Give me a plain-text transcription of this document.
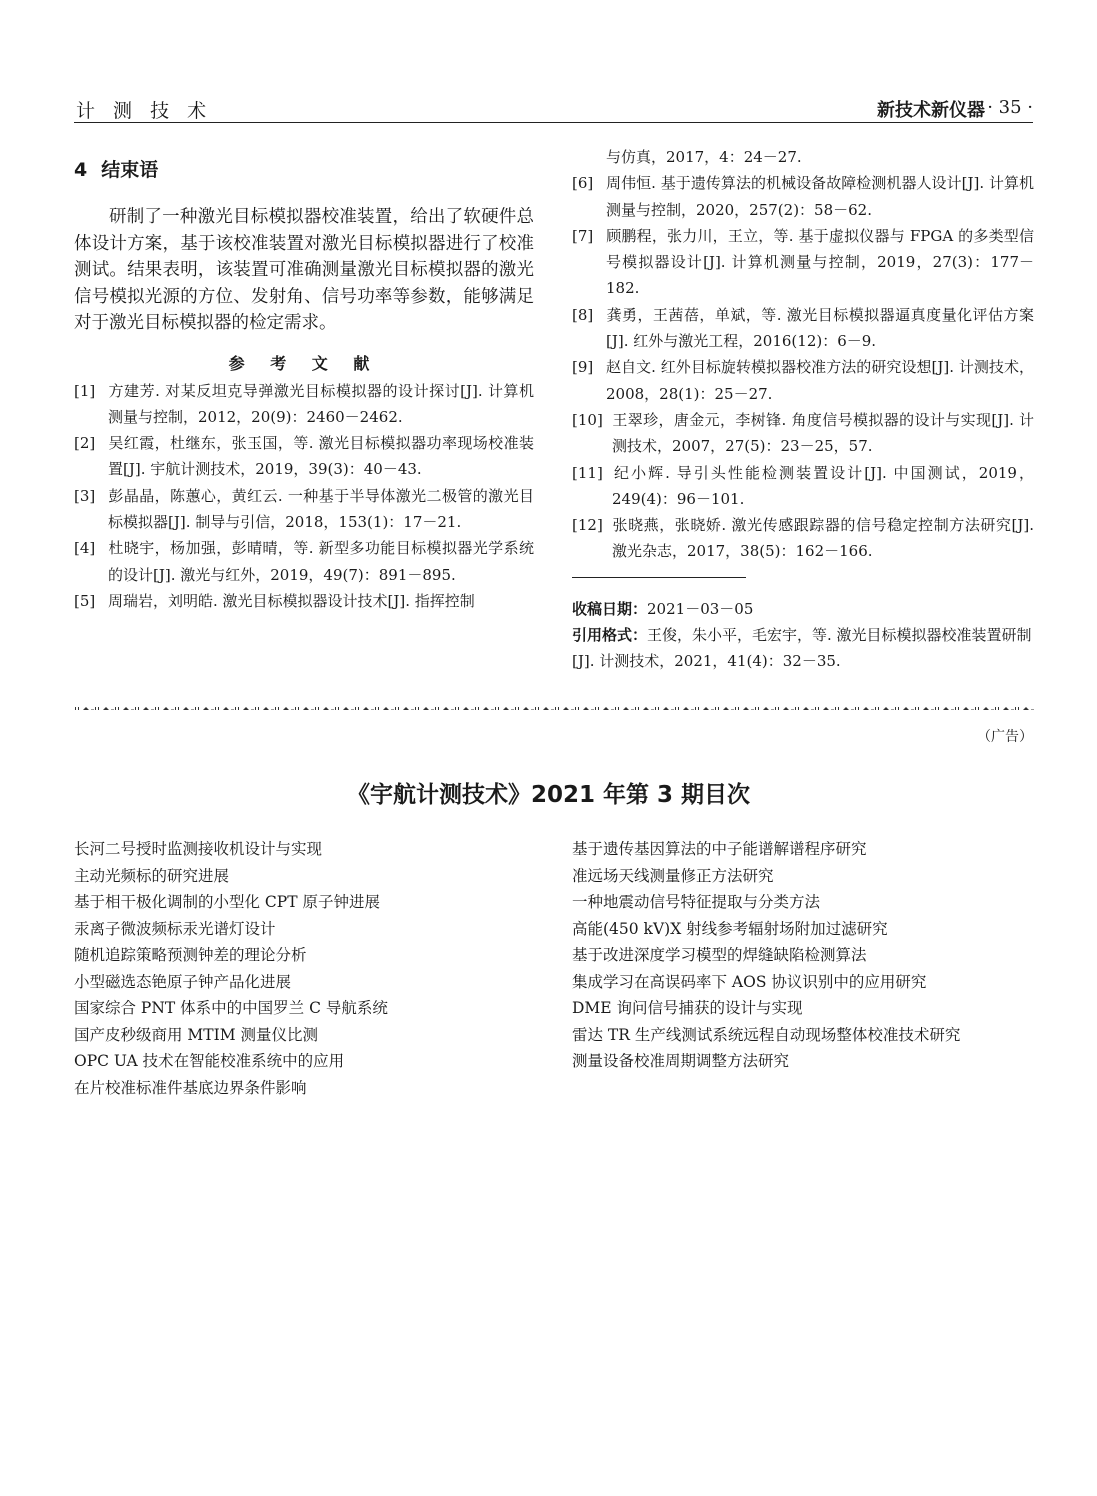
计 测 技 术	新技术新仪器 · 35 ·
4 结束语

研制了一种激光目标模拟器校准装置，给出了软硬件总体设计方案，基于该校准装置对激光目标模拟器进行了校准测试。结果表明，该装置可准确测量激光目标模拟器的激光信号模拟光源的方位、发射角、信号功率等参数，能够满足对于激光目标模拟器的检定需求。

参 考 文 献

[1] 方建芳. 对某反坦克导弹激光目标模拟器的设计探讨[J]. 计算机测量与控制，2012，20(9)：2460－2462.

[2] 吴红霞，杜继东，张玉国，等. 激光目标模拟器功率现场校准装置[J]. 宇航计测技术，2019，39(3)：40－43.

[3] 彭晶晶，陈蕙心，黄红云. 一种基于半导体激光二极管的激光目标模拟器[J]. 制导与引信，2018，153(1)：17－21.

[4] 杜晓宇，杨加强，彭晴晴，等. 新型多功能目标模拟器光学系统的设计[J]. 激光与红外，2019，49(7)：891－895.

[5] 周瑞岩，刘明皓. 激光目标模拟器设计技术[J]. 指挥控制

与仿真，2017，4：24－27.

[6] 周伟恒. 基于遗传算法的机械设备故障检测机器人设计[J]. 计算机测量与控制，2020，257(2)：58－62.

[7] 顾鹏程，张力川，王立，等. 基于虚拟仪器与 FPGA 的多类型信号模拟器设计[J]. 计算机测量与控制，2019，27(3)：177－182.

[8] 龚勇，王茜蓓，单斌，等. 激光目标模拟器逼真度量化评估方案[J]. 红外与激光工程，2016(12)：6－9.

[9] 赵自文. 红外目标旋转模拟器校准方法的研究设想[J]. 计测技术，2008，28(1)：25－27.

[10] 王翠珍，唐金元，李树锋. 角度信号模拟器的设计与实现[J]. 计测技术，2007，27(5)：23－25，57.

[11] 纪小辉. 导引头性能检测装置设计[J]. 中国测试，2019，249(4)：96－101.

[12] 张晓燕，张晓娇. 激光传感跟踪器的信号稳定控制方法研究[J]. 激光杂志，2017，38(5)：162－166.

收稿日期：2021－03－05

引用格式：王俊，朱小平，毛宏宇，等. 激光目标模拟器校准装置研制[J]. 计测技术，2021，41(4)：32－35.

（广告）
《宇航计测技术》2021 年第 3 期目次
长河二号授时监测接收机设计与实现
主动光频标的研究进展
基于相干极化调制的小型化 CPT 原子钟进展
汞离子微波频标汞光谱灯设计
随机追踪策略预测钟差的理论分析
小型磁选态铯原子钟产品化进展
国家综合 PNT 体系中的中国罗兰 C 导航系统
国产皮秒级商用 MTIM 测量仪比测
OPC UA 技术在智能校准系统中的应用
在片校准标准件基底边界条件影响
基于遗传基因算法的中子能谱解谱程序研究
准远场天线测量修正方法研究
一种地震动信号特征提取与分类方法
高能(450 kV)X 射线参考辐射场附加过滤研究
基于改进深度学习模型的焊缝缺陷检测算法
集成学习在高误码率下 AOS 协议识别中的应用研究
DME 询问信号捕获的设计与实现
雷达 TR 生产线测试系统远程自动现场整体校准技术研究
测量设备校准周期调整方法研究
